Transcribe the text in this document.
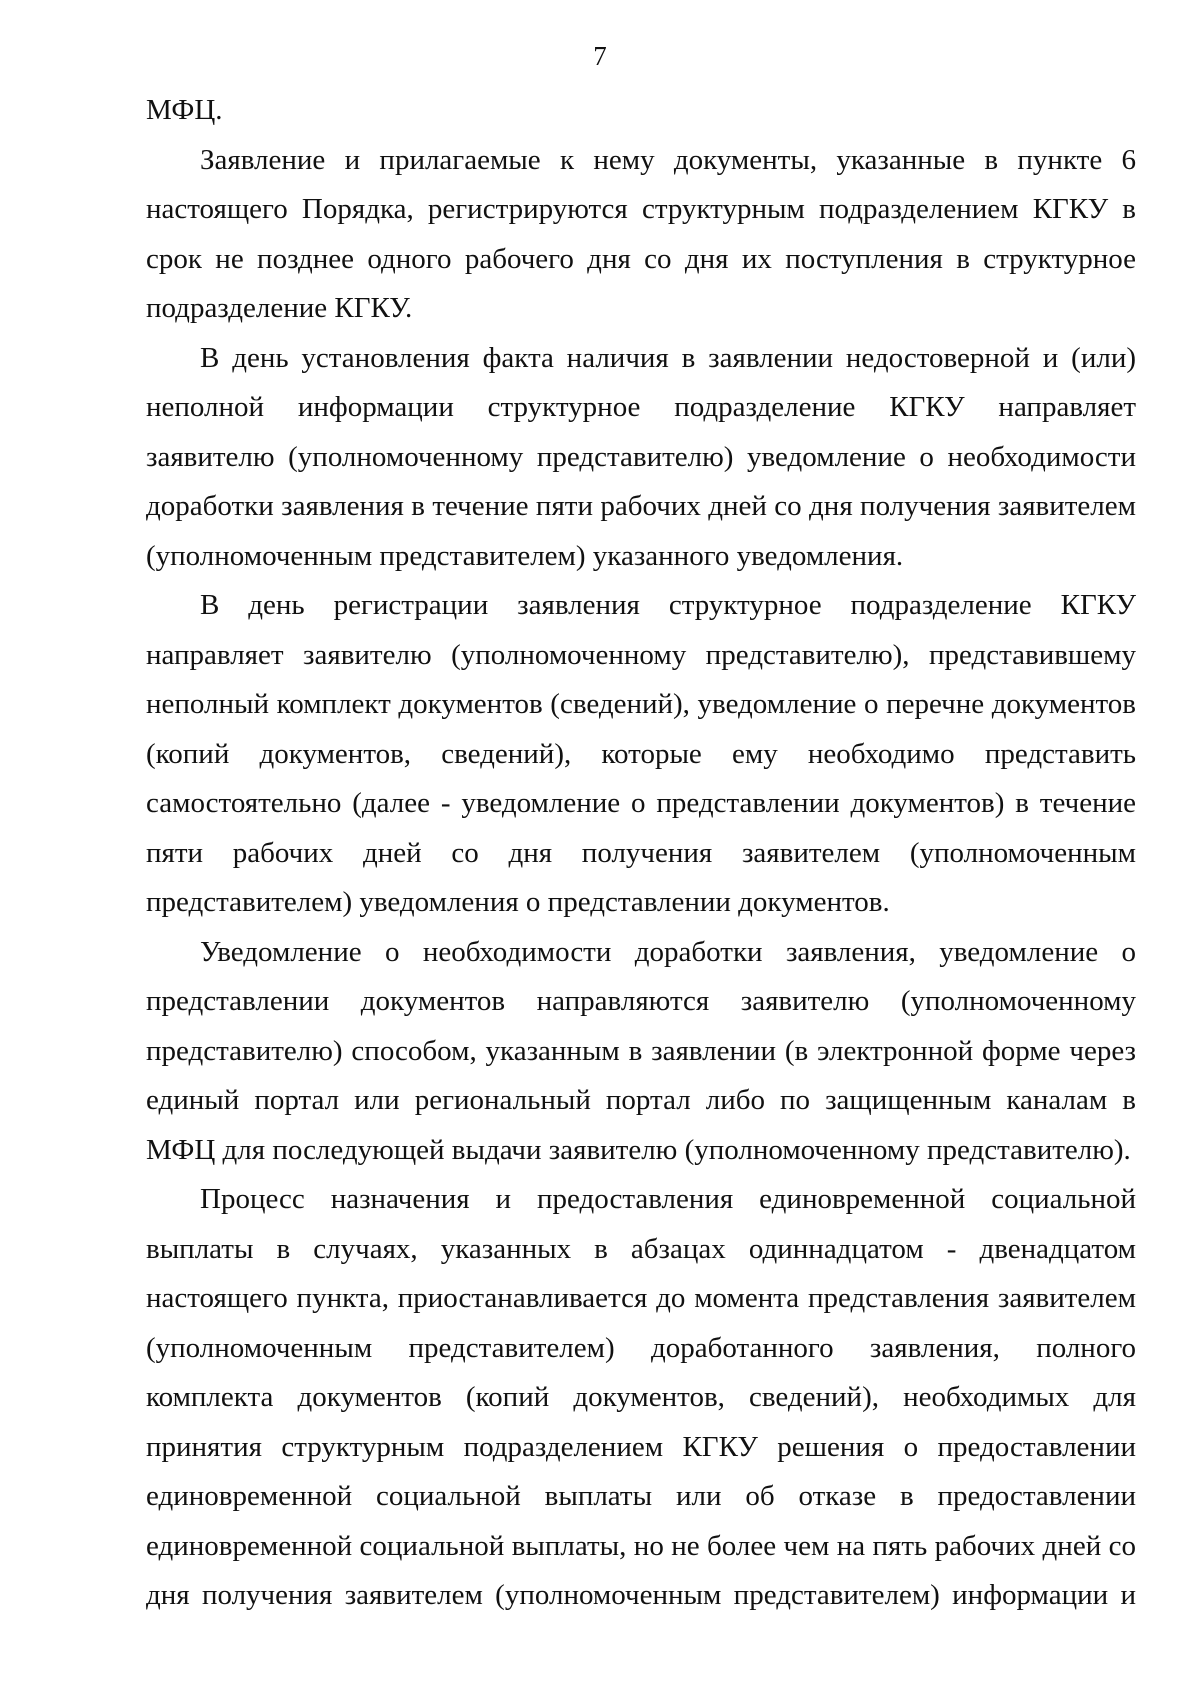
7

МФЦ.

Заявление и прилагаемые к нему документы, указанные в пункте 6 настоящего Порядка, регистрируются структурным подразделением КГКУ в срок не позднее одного рабочего дня со дня их поступления в структурное подразделение КГКУ.

В день установления факта наличия в заявлении недостоверной и (или) неполной информации структурное подразделение КГКУ направляет заявителю (уполномоченному представителю) уведомление о необходимости доработки заявления в течение пяти рабочих дней со дня получения заявителем (уполномоченным представителем) указанного уведомления.

В день регистрации заявления структурное подразделение КГКУ направляет заявителю (уполномоченному представителю), представившему неполный комплект документов (сведений), уведомление о перечне документов (копий документов, сведений), которые ему необходимо представить самостоятельно (далее - уведомление о представлении документов) в течение пяти рабочих дней со дня получения заявителем (уполномоченным представителем) уведомления о представлении документов.

Уведомление о необходимости доработки заявления, уведомление о представлении документов направляются заявителю (уполномоченному представителю) способом, указанным в заявлении (в электронной форме через единый портал или региональный портал либо по защищенным каналам в МФЦ для последующей выдачи заявителю (уполномоченному представителю).

Процесс назначения и предоставления единовременной социальной выплаты в случаях, указанных в абзацах одиннадцатом - двенадцатом настоящего пункта, приостанавливается до момента представления заявителем (уполномоченным представителем) доработанного заявления, полного комплекта документов (копий документов, сведений), необходимых для принятия структурным подразделением КГКУ решения о предоставлении единовременной социальной выплаты или об отказе в предоставлении единовременной социальной выплаты, но не более чем на пять рабочих дней со дня получения заявителем (уполномоченным представителем) информации и
